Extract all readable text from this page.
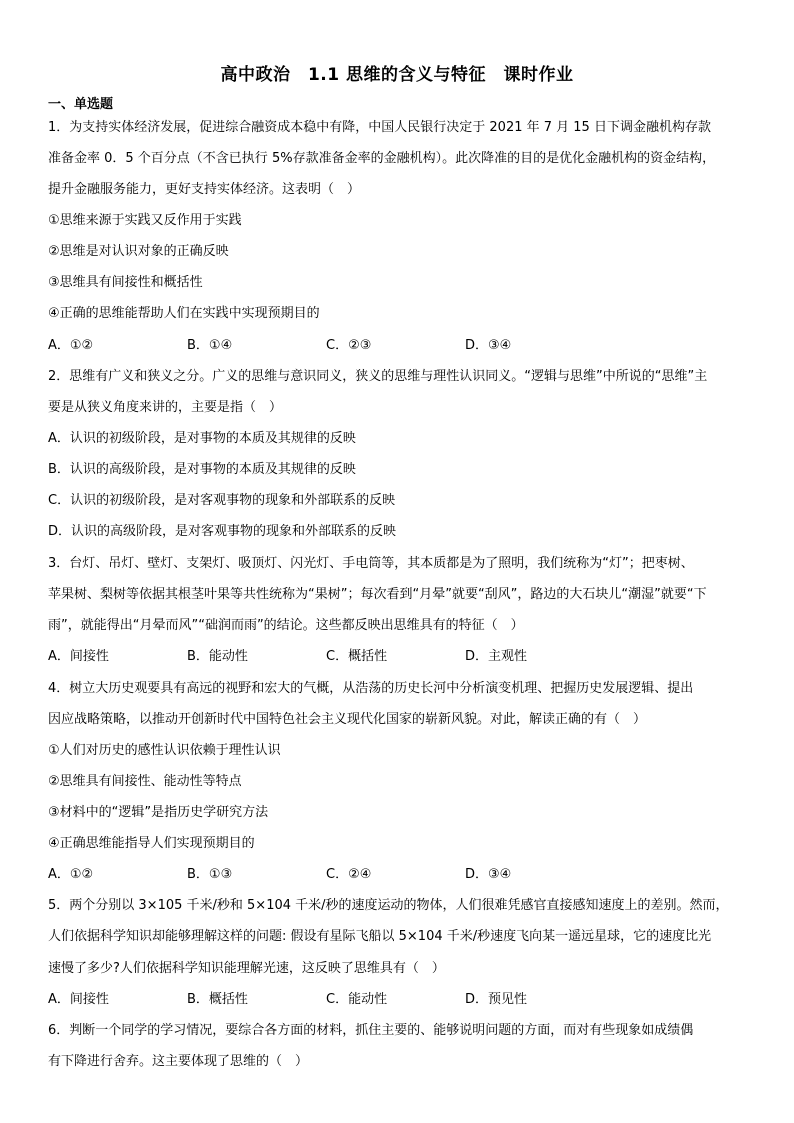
高中政治　1.1 思维的含义与特征　课时作业
一、单选题
1．为支持实体经济发展，促进综合融资成本稳中有降，中国人民银行决定于 2021 年 7 月 15 日下调金融机构存款
准备金率 0．5 个百分点（不含已执行 5%存款准备金率的金融机构）。此次降准的目的是优化金融机构的资金结构，
提升金融服务能力，更好支持实体经济。这表明（　）
①思维来源于实践又反作用于实践
②思维是对认识对象的正确反映
③思维具有间接性和概括性
④正确的思维能帮助人们在实践中实现预期目的
A．①②	B．①④	C．②③	D．③④
2．思维有广义和狭义之分。广义的思维与意识同义，狭义的思维与理性认识同义。“逻辑与思维”中所说的“思维”主
要是从狭义角度来讲的，主要是指（　）
A．认识的初级阶段，是对事物的本质及其规律的反映
B．认识的高级阶段，是对事物的本质及其规律的反映
C．认识的初级阶段，是对客观事物的现象和外部联系的反映
D．认识的高级阶段，是对客观事物的现象和外部联系的反映
3．台灯、吊灯、壁灯、支架灯、吸顶灯、闪光灯、手电筒等，其本质都是为了照明，我们统称为“灯”；把枣树、
苹果树、梨树等依据其根茎叶果等共性统称为“果树”；每次看到“月晕”就要“刮风”，路边的大石块儿“潮湿”就要“下
雨”，就能得出“月晕而风”“础润而雨”的结论。这些都反映出思维具有的特征（　）
A．间接性	B．能动性	C．概括性	D．主观性
4．树立大历史观要具有高远的视野和宏大的气概，从浩荡的历史长河中分析演变机理、把握历史发展逻辑、提出
因应战略策略，以推动开创新时代中国特色社会主义现代化国家的崭新风貌。对此，解读正确的有（　）
①人们对历史的感性认识依赖于理性认识
②思维具有间接性、能动性等特点
③材料中的“逻辑”是指历史学研究方法
④正确思维能指导人们实现预期目的
A．①②	B．①③	C．②④	D．③④
5．两个分别以 3×105 千米/秒和 5×104 千米/秒的速度运动的物体，人们很难凭感官直接感知速度上的差别。然而，
人们依据科学知识却能够理解这样的问题: 假设有星际飞船以 5×104 千米/秒速度飞向某一遥远星球，它的速度比光
速慢了多少?人们依据科学知识能理解光速，这反映了思维具有（　）
A．间接性	B．概括性	C．能动性	D．预见性
6．判断一个同学的学习情况，要综合各方面的材料，抓住主要的、能够说明问题的方面，而对有些现象如成绩偶
有下降进行舍弃。这主要体现了思维的（　）
